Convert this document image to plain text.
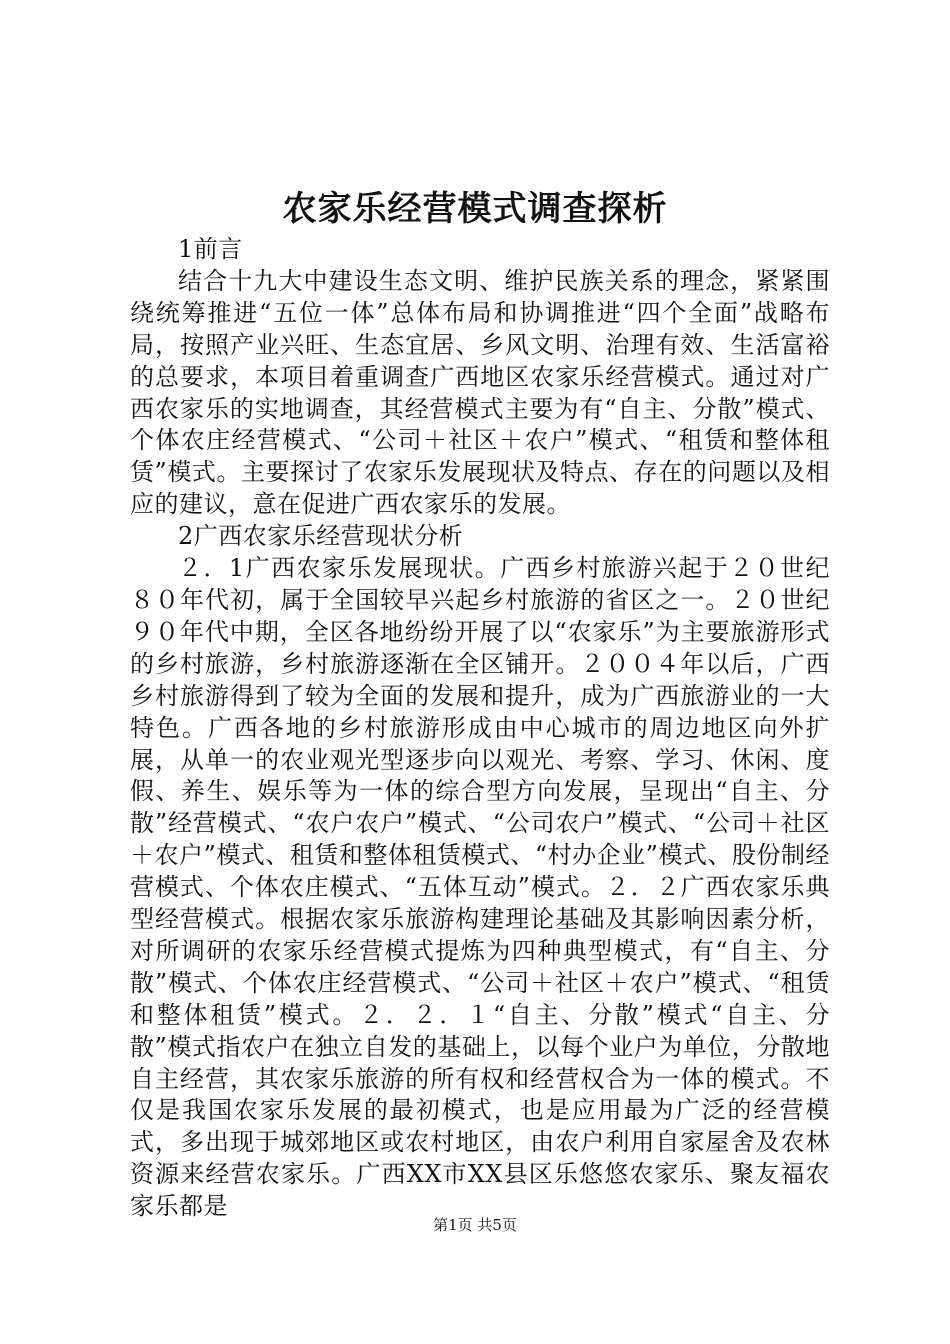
农家乐经营模式调查探析

1前言

结合十九大中建设生态文明、维护民族关系的理念，紧紧围绕统筹推进“五位一体”总体布局和协调推进“四个全面”战略布局，按照产业兴旺、生态宜居、乡风文明、治理有效、生活富裕的总要求，本项目着重调查广西地区农家乐经营模式。通过对广西农家乐的实地调查，其经营模式主要为有“自主、分散”模式、个体农庄经营模式、“公司＋社区＋农户”模式、“租赁和整体租赁”模式。主要探讨了农家乐发展现状及特点、存在的问题以及相应的建议，意在促进广西农家乐的发展。

2广西农家乐经营现状分析

２．1广西农家乐发展现状。广西乡村旅游兴起于２０世纪８０年代初，属于全国较早兴起乡村旅游的省区之一。２０世纪９０年代中期，全区各地纷纷开展了以“农家乐”为主要旅游形式的乡村旅游，乡村旅游逐渐在全区铺开。２００４年以后，广西乡村旅游得到了较为全面的发展和提升，成为广西旅游业的一大特色。广西各地的乡村旅游形成由中心城市的周边地区向外扩展，从单一的农业观光型逐步向以观光、考察、学习、休闲、度假、养生、娱乐等为一体的综合型方向发展，呈现出“自主、分散”经营模式、“农户农户”模式、“公司农户”模式、“公司＋社区＋农户”模式、租赁和整体租赁模式、“村办企业”模式、股份制经营模式、个体农庄模式、“五体互动”模式。２．２广西农家乐典型经营模式。根据农家乐旅游构建理论基础及其影响因素分析，对所调研的农家乐经营模式提炼为四种典型模式，有“自主、分散”模式、个体农庄经营模式、“公司＋社区＋农户”模式、“租赁和整体租赁”模式。２．２．１“自主、分散”模式“自主、分散”模式指农户在独立自发的基础上，以每个业户为单位，分散地自主经营，其农家乐旅游的所有权和经营权合为一体的模式。不仅是我国农家乐发展的最初模式，也是应用最为广泛的经营模式，多出现于城郊地区或农村地区，由农户利用自家屋舍及农林资源来经营农家乐。广西XX市XX县区乐悠悠农家乐、聚友福农家乐都是

第1页 共5页
